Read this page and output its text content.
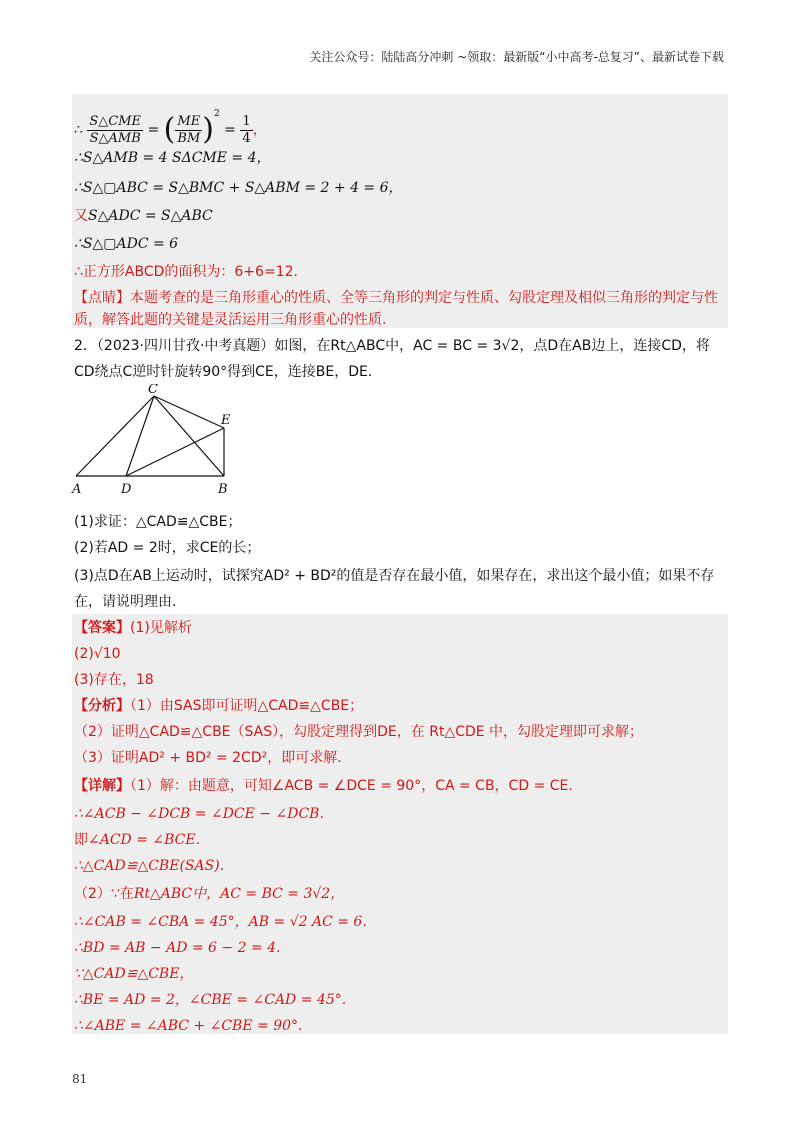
关注公众号：陆陆高分冲刺 ~领取：最新版“小中高考-总复习”、最新试卷下载
∴ $\frac{\text{S△CME}}{\text{S△AMB}}$ = ( $\frac{ME}{BM} )^2 = \frac{1}{4}$ ，
∴S△AMB = 4 SΔCME = 4，
∴S△▢ABC = S△BMC + S△ABM = 2 + 4 = 6，
又S△ADC = S△ABC
∴S△▢ADC = 6
∴正方形ABCD的面积为：6+6=12.
【点睛】本题考查的是三角形重心的性质、全等三角形的判定与性质、勾股定理及相似三角形的判定与性
质，解答此题的关键是灵活运用三角形重心的性质.
2．（2023·四川甘孜·中考真题）如图，在Rt△ABC中，AC = BC = 3√2，点D在AB边上，连接CD，将
CD绕点C逆时针旋转90°得到CE，连接BE，DE.
C
E
A	D	B
(1)求证：△CAD≌△CBE；
(2)若AD = 2时，求CE的长；
(3)点D在AB上运动时，试探究AD² + BD²的值是否存在最小值，如果存在，求出这个最小值；如果不存
在，请说明理由.
【答案】(1)见解析
(2)√10
(3)存在，18
【分析】（1）由SAS即可证明△CAD≌△CBE；
（2）证明△CAD≌△CBE（SAS），勾股定理得到DE，在 Rt△CDE 中，勾股定理即可求解；
（3）证明AD² + BD² = 2CD²，即可求解.
【详解】（1）解：由题意，可知∠ACB = ∠DCE = 90°，CA = CB，CD = CE.
∴∠ACB − ∠DCB = ∠DCE − ∠DCB.
即∠ACD = ∠BCE.
∴△CAD≌△CBE(SAS).
（2）∵在Rt△ABC中，AC = BC = 3√2，
∴∠CAB = ∠CBA = 45°，AB = √2 AC = 6.
∴BD = AB − AD = 6 − 2 = 4.
∵△CAD≌△CBE，
∴BE = AD = 2，∠CBE = ∠CAD = 45°.
∴∠ABE = ∠ABC + ∠CBE = 90°.
81
